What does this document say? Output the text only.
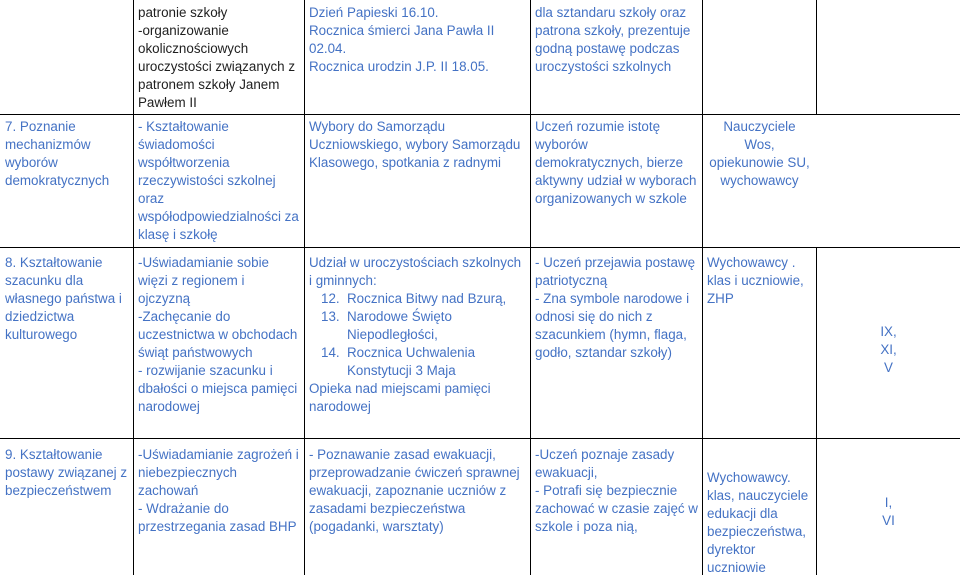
patronie szkoły
-organizowanie okolicznościowych uroczystości związanych z patronem szkoły Janem Pawłem II
Dzień Papieski 16.10.
Rocznica śmierci Jana Pawła II 02.04.
Rocznica urodzin J.P. II 18.05.
dla sztandaru szkoły oraz patrona szkoły, prezentuje godną postawę podczas uroczystości szkolnych
7. Poznanie mechanizmów wyborów demokratycznych
- Kształtowanie świadomości współtworzenia rzeczywistości szkolnej oraz współodpowiedzialności za klasę i szkołę
Wybory do Samorządu Uczniowskiego, wybory Samorządu Klasowego, spotkania z radnymi
Uczeń rozumie istotę wyborów demokratycznych, bierze aktywny udział w wyborach organizowanych w szkole
Nauczyciele Wos, opiekunowie SU, wychowawcy
8. Kształtowanie szacunku dla własnego państwa i dziedzictwa kulturowego
-Uświadamianie sobie więzi z regionem i ojczyzną
-Zachęcanie do uczestnictwa w obchodach świąt państwowych
- rozwijanie szacunku i dbałości o miejsca pamięci narodowej
Udział w uroczystościach szkolnych i gminnych:
12. Rocznica Bitwy nad Bzurą,
13. Narodowe Święto Niepodległości,
14. Rocznica Uchwalenia Konstytucji 3 Maja
Opieka nad miejscami pamięci narodowej
- Uczeń przejawia postawę patriotyczną
- Zna symbole narodowe i odnosi się do nich z szacunkiem (hymn, flaga, godło, sztandar szkoły)
Wychowawcy . klas i uczniowie, ZHP
IX,
XI,
V
9. Kształtowanie postawy związanej z bezpieczeństwem
-Uświadamianie zagrożeń i niebezpiecznych zachowań
- Wdrażanie do przestrzegania zasad BHP
- Poznawanie zasad ewakuacji, przeprowadzanie ćwiczeń sprawnej ewakuacji, zapoznanie uczniów z zasadami bezpieczeństwa (pogadanki, warsztaty)
-Uczeń poznaje zasady ewakuacji,
- Potrafi się bezpiecznie zachować w czasie zajęć w szkole i poza nią,
Wychowawcy.
klas, nauczyciele edukacji dla bezpieczeństwa, dyrektor uczniowie
I,
VI
